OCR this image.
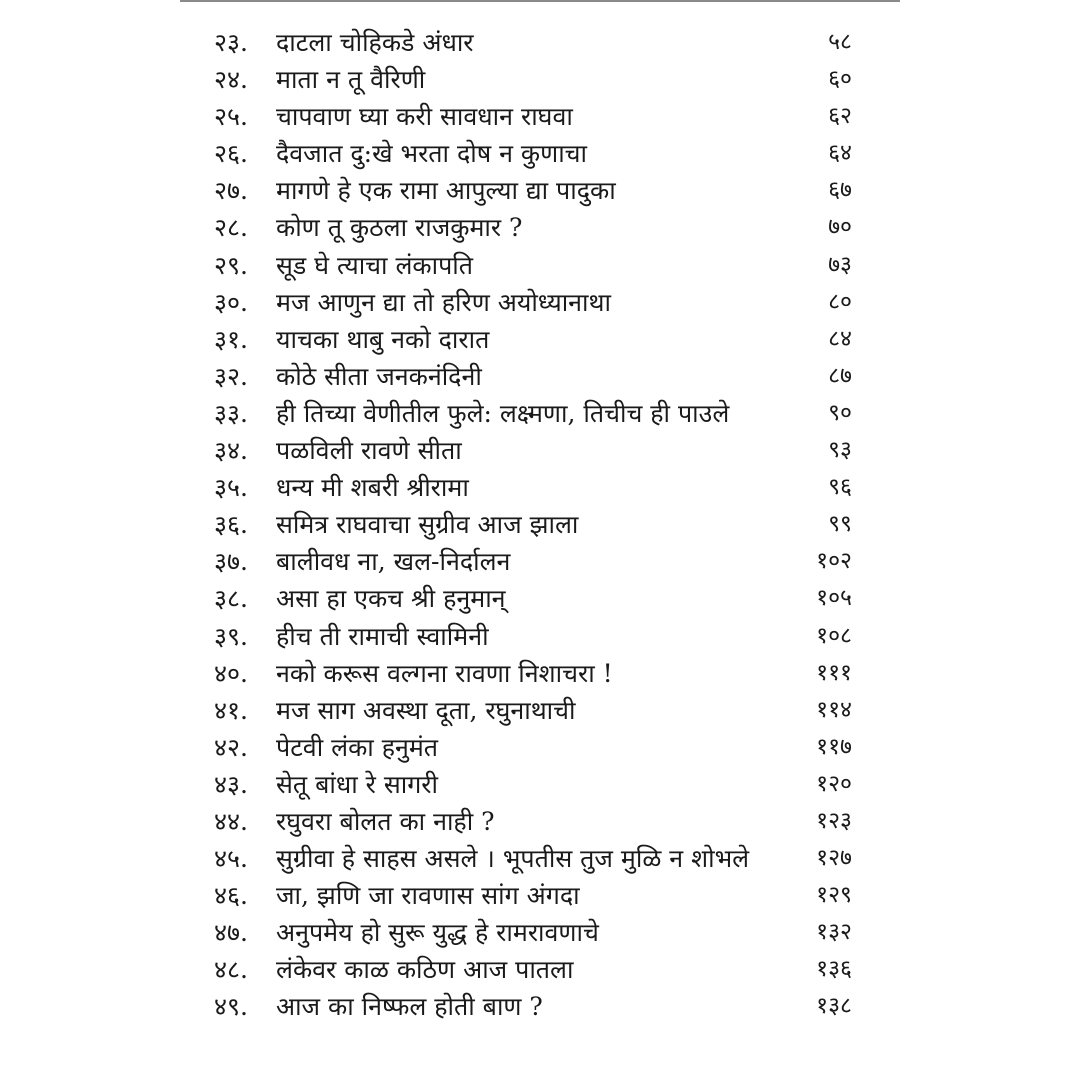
२३. दाटला चोहिकडे अंधार	५८
२४. माता न तू वैरिणी	६०
२५. चापवाण घ्या करी सावधान राघवा	६२
२६. दैवजात दु:खे भरता दोष न कुणाचा	६४
२७. मागणे हे एक रामा आपुल्या द्या पादुका	६७
२८. कोण तू कुठला राजकुमार ?	७०
२९. सूड घे त्याचा लंकापति	७३
३०. मज आणुन द्या तो हरिण अयोध्यानाथा	८०
३१. याचका थाबु नको दारात	८४
३२. कोठे सीता जनकनंदिनी	८७
३३. ही तिच्या वेणीतील फुले: लक्ष्मणा, तिचीच ही पाउले	९०
३४. पळविली रावणे सीता	९३
३५. धन्य मी शबरी श्रीरामा	९६
३६. समित्र राघवाचा सुग्रीव आज झाला	९९
३७. बालीवध ना, खल-निर्दालन	१०२
३८. असा हा एकच श्री हनुमान्	१०५
३९. हीच ती रामाची स्वामिनी	१०८
४०. नको करूस वल्गना रावणा निशाचरा !	१११
४१. मज साग अवस्था दूता, रघुनाथाची	११४
४२. पेटवी लंका हनुमंत	११७
४३. सेतू बांधा रे सागरी	१२०
४४. रघुवरा बोलत का नाही ?	१२३
४५. सुग्रीवा हे साहस असले । भूपतीस तुज मुळि न शोभले	१२७
४६. जा, झणि जा रावणास सांग अंगदा	१२९
४७. अनुपमेय हो सुरू युद्ध हे रामरावणाचे	१३२
४८. लंकेवर काळ कठिण आज पातला	१३६
४९. आज का निष्फल होती बाण ?	१३८
